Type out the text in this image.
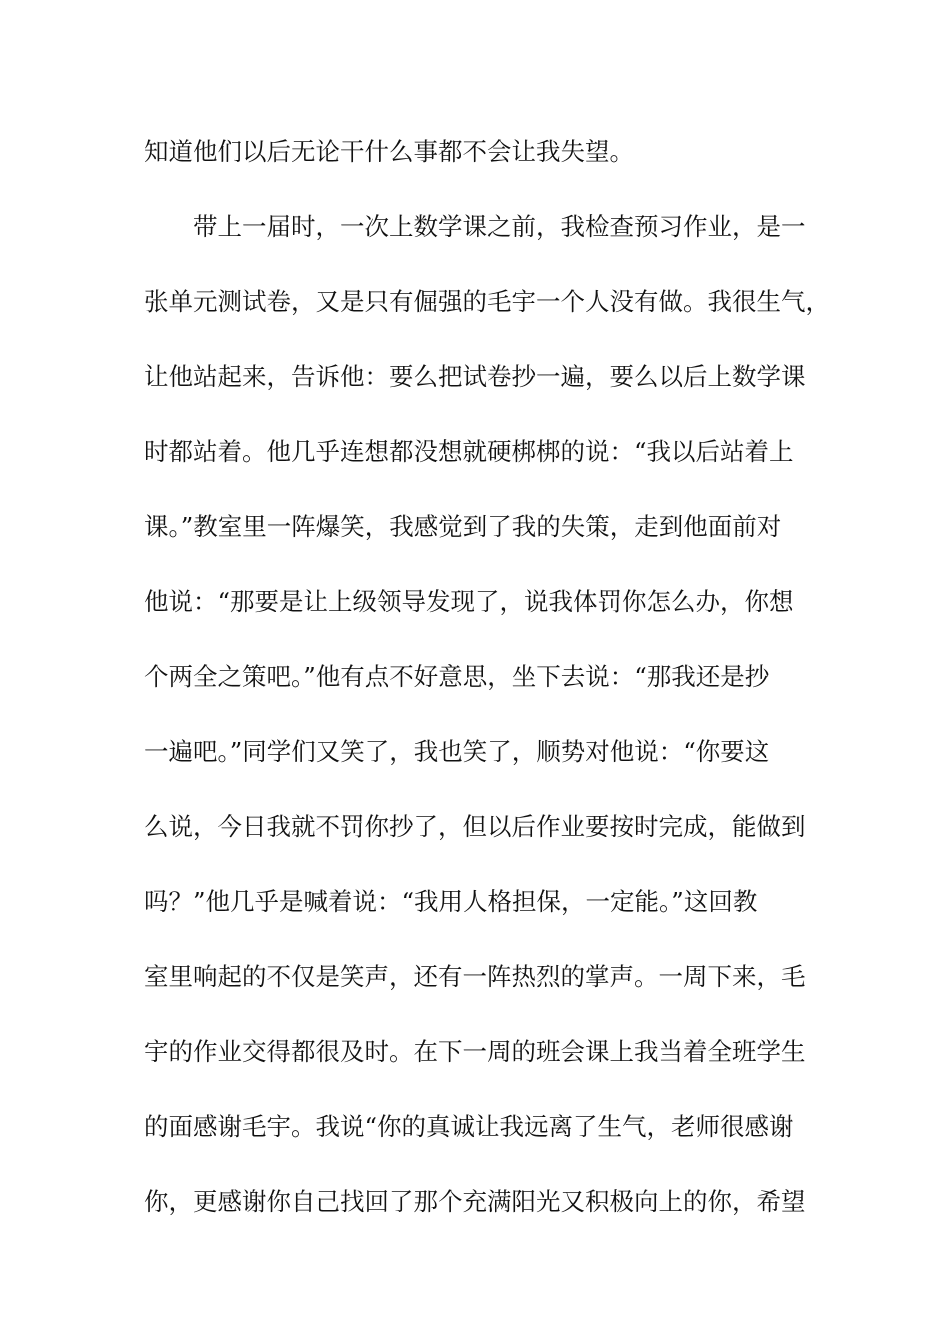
知道他们以后无论干什么事都不会让我失望。
带上一届时，一次上数学课之前，我检查预习作业，是一
张单元测试卷，又是只有倔强的毛宇一个人没有做。我很生气，
让他站起来，告诉他：要么把试卷抄一遍，要么以后上数学课
时都站着。他几乎连想都没想就硬梆梆的说：“我以后站着上
课。”教室里一阵爆笑，我感觉到了我的失策，走到他面前对
他说：“那要是让上级领导发现了，说我体罚你怎么办，你想
个两全之策吧。”他有点不好意思，坐下去说：“那我还是抄
一遍吧。”同学们又笑了，我也笑了，顺势对他说：“你要这
么说，今日我就不罚你抄了，但以后作业要按时完成，能做到
吗？”他几乎是喊着说：“我用人格担保，一定能。”这回教
室里响起的不仅是笑声，还有一阵热烈的掌声。一周下来，毛
宇的作业交得都很及时。在下一周的班会课上我当着全班学生
的面感谢毛宇。我说“你的真诚让我远离了生气，老师很感谢
你，更感谢你自己找回了那个充满阳光又积极向上的你，希望
